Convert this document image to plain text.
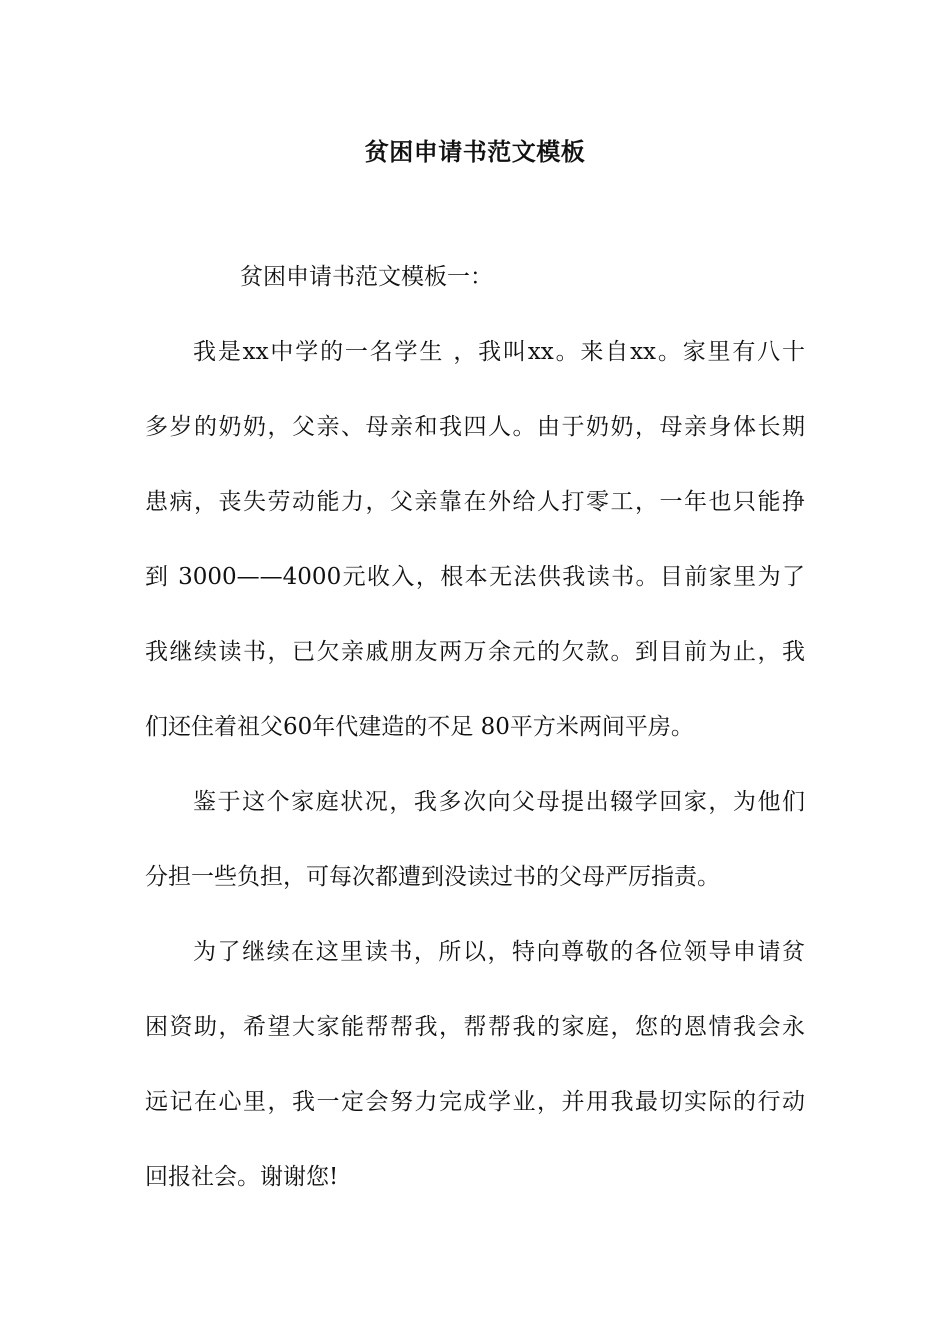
贫困申请书范文模板
贫困申请书范文模板一：
我是xx中学的一名学生 ，我叫xx。来自xx。家里有八十
多岁的奶奶，父亲、母亲和我四人。由于奶奶，母亲身体长期
患病，丧失劳动能力，父亲靠在外给人打零工，一年也只能挣
到 3000——4000元收入，根本无法供我读书。目前家里为了
我继续读书，已欠亲戚朋友两万余元的欠款。到目前为止，我
们还住着祖父60年代建造的不足 80平方米两间平房。
鉴于这个家庭状况，我多次向父母提出辍学回家，为他们
分担一些负担，可每次都遭到没读过书的父母严厉指责。
为了继续在这里读书，所以，特向尊敬的各位领导申请贫
困资助，希望大家能帮帮我，帮帮我的家庭，您的恩情我会永
远记在心里，我一定会努力完成学业，并用我最切实际的行动
回报社会。谢谢您!
